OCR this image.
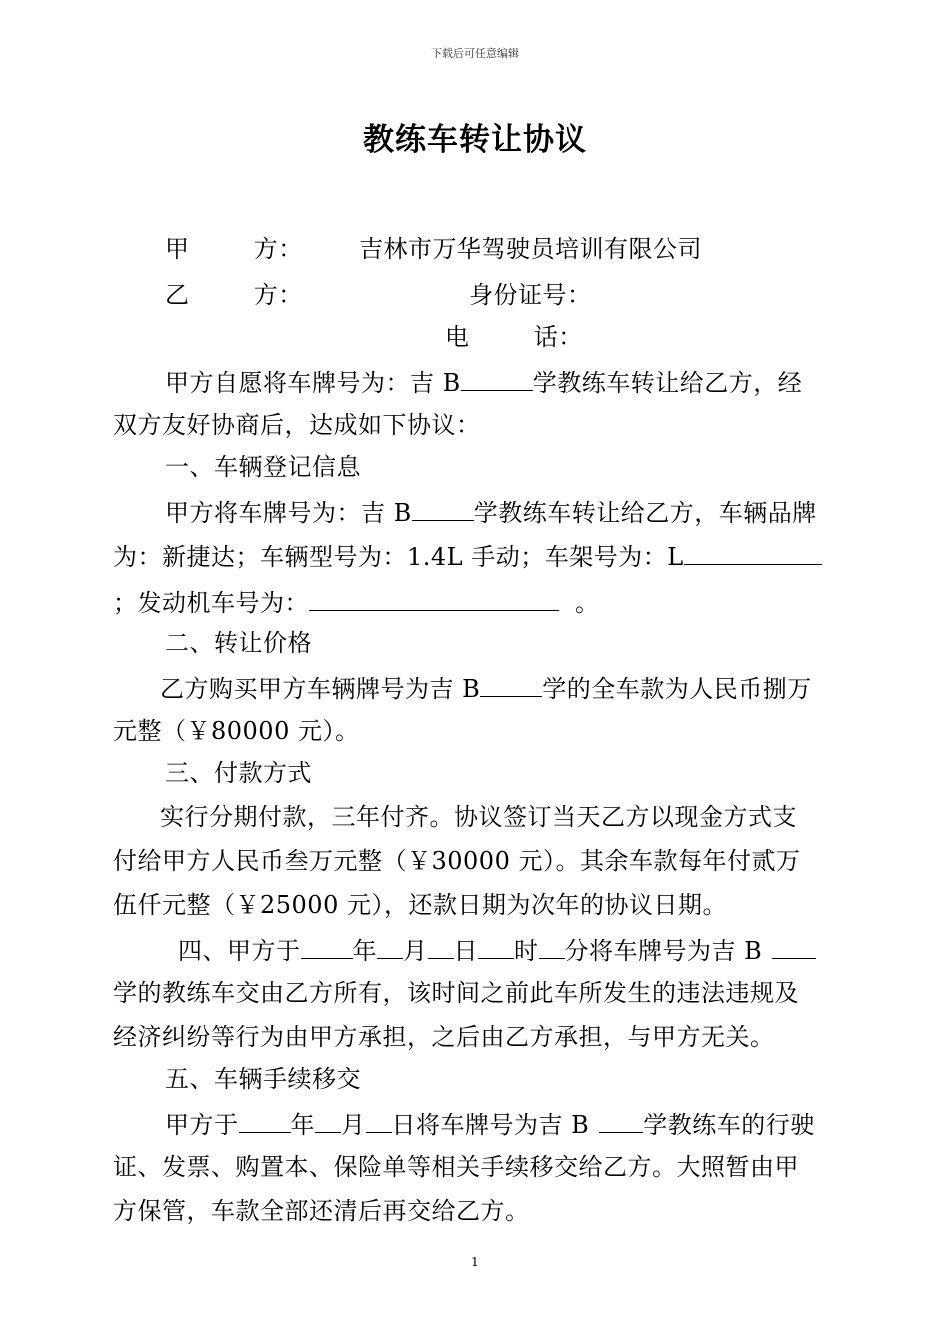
下载后可任意编辑
教练车转让协议
甲	方： 吉林市万华驾驶员培训有限公司
乙	方：	身份证号：
电	话：
甲方自愿将车牌号为：吉 B	学教练车转让给乙方，经
双方友好协商后，达成如下协议：
一、车辆登记信息
甲方将车牌号为：吉 B	学教练车转让给乙方，车辆品牌
为：新捷达；车辆型号为：1.4L 手动；车架号为：L
；发动机车号为：	。
二、转让价格
乙方购买甲方车辆牌号为吉 B	学的全车款为人民币捌万
元整（￥80000 元）。
三、付款方式
实行分期付款，三年付齐。协议签订当天乙方以现金方式支
付给甲方人民币叁万元整（￥30000 元）。其余车款每年付贰万
伍仟元整（￥25000 元），还款日期为次年的协议日期。
四、甲方于 年 月 日 时 分将车牌号为吉 B
学的教练车交由乙方所有，该时间之前此车所发生的违法违规及
经济纠纷等行为由甲方承担，之后由乙方承担，与甲方无关。
五、车辆手续移交
甲方于 年 月 日将车牌号为吉 B 学教练车的行驶
证、发票、购置本、保险单等相关手续移交给乙方。大照暂由甲
方保管，车款全部还清后再交给乙方。
1
